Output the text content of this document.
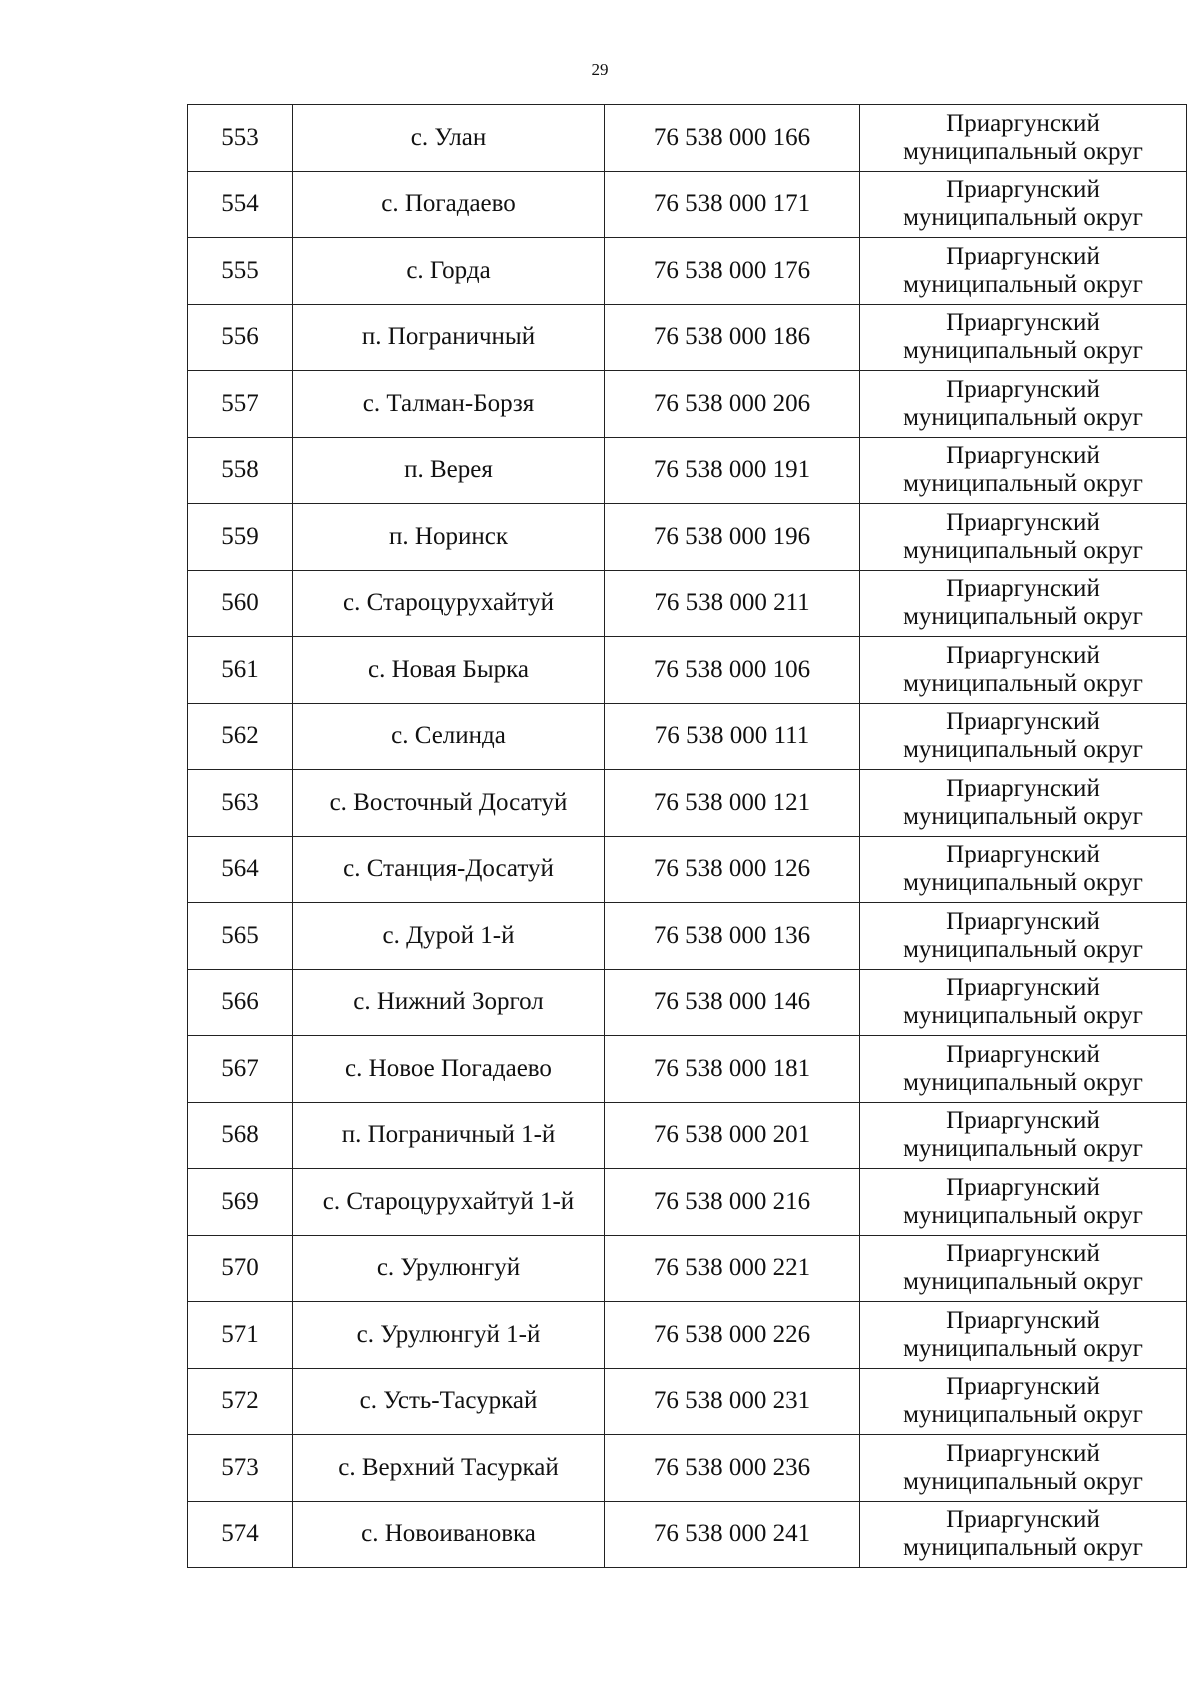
29
553	с. Улан	76 538 000 166	Приаргунский
муниципальный округ

554	с. Погадаево	76 538 000 171	Приаргунский
муниципальный округ

555	с. Горда	76 538 000 176	Приаргунский
муниципальный округ

556	п. Пограничный	76 538 000 186	Приаргунский
муниципальный округ

557	с. Талман-Борзя	76 538 000 206	Приаргунский
муниципальный округ

558	п. Верея	76 538 000 191	Приаргунский
муниципальный округ

559	п. Норинск	76 538 000 196	Приаргунский
муниципальный округ

560	с. Староцурухайтуй	76 538 000 211	Приаргунский
муниципальный округ

561	с. Новая Бырка	76 538 000 106	Приаргунский
муниципальный округ

562	с. Селинда	76 538 000 111	Приаргунский
муниципальный округ

563	с. Восточный Досатуй	76 538 000 121	Приаргунский
муниципальный округ

564	с. Станция-Досатуй	76 538 000 126	Приаргунский
муниципальный округ

565	с. Дурой 1-й	76 538 000 136	Приаргунский
муниципальный округ

566	с. Нижний Зоргол	76 538 000 146	Приаргунский
муниципальный округ

567	с. Новое Погадаево	76 538 000 181	Приаргунский
муниципальный округ

568	п. Пограничный 1-й	76 538 000 201	Приаргунский
муниципальный округ

569	с. Староцурухайтуй 1-й	76 538 000 216	Приаргунский
муниципальный округ

570	с. Урулюнгуй	76 538 000 221	Приаргунский
муниципальный округ

571	с. Урулюнгуй 1-й	76 538 000 226	Приаргунский
муниципальный округ

572	с. Усть-Тасуркай	76 538 000 231	Приаргунский
муниципальный округ

573	с. Верхний Тасуркай	76 538 000 236	Приаргунский
муниципальный округ

574	с. Новоивановка	76 538 000 241	Приаргунский
муниципальный округ
